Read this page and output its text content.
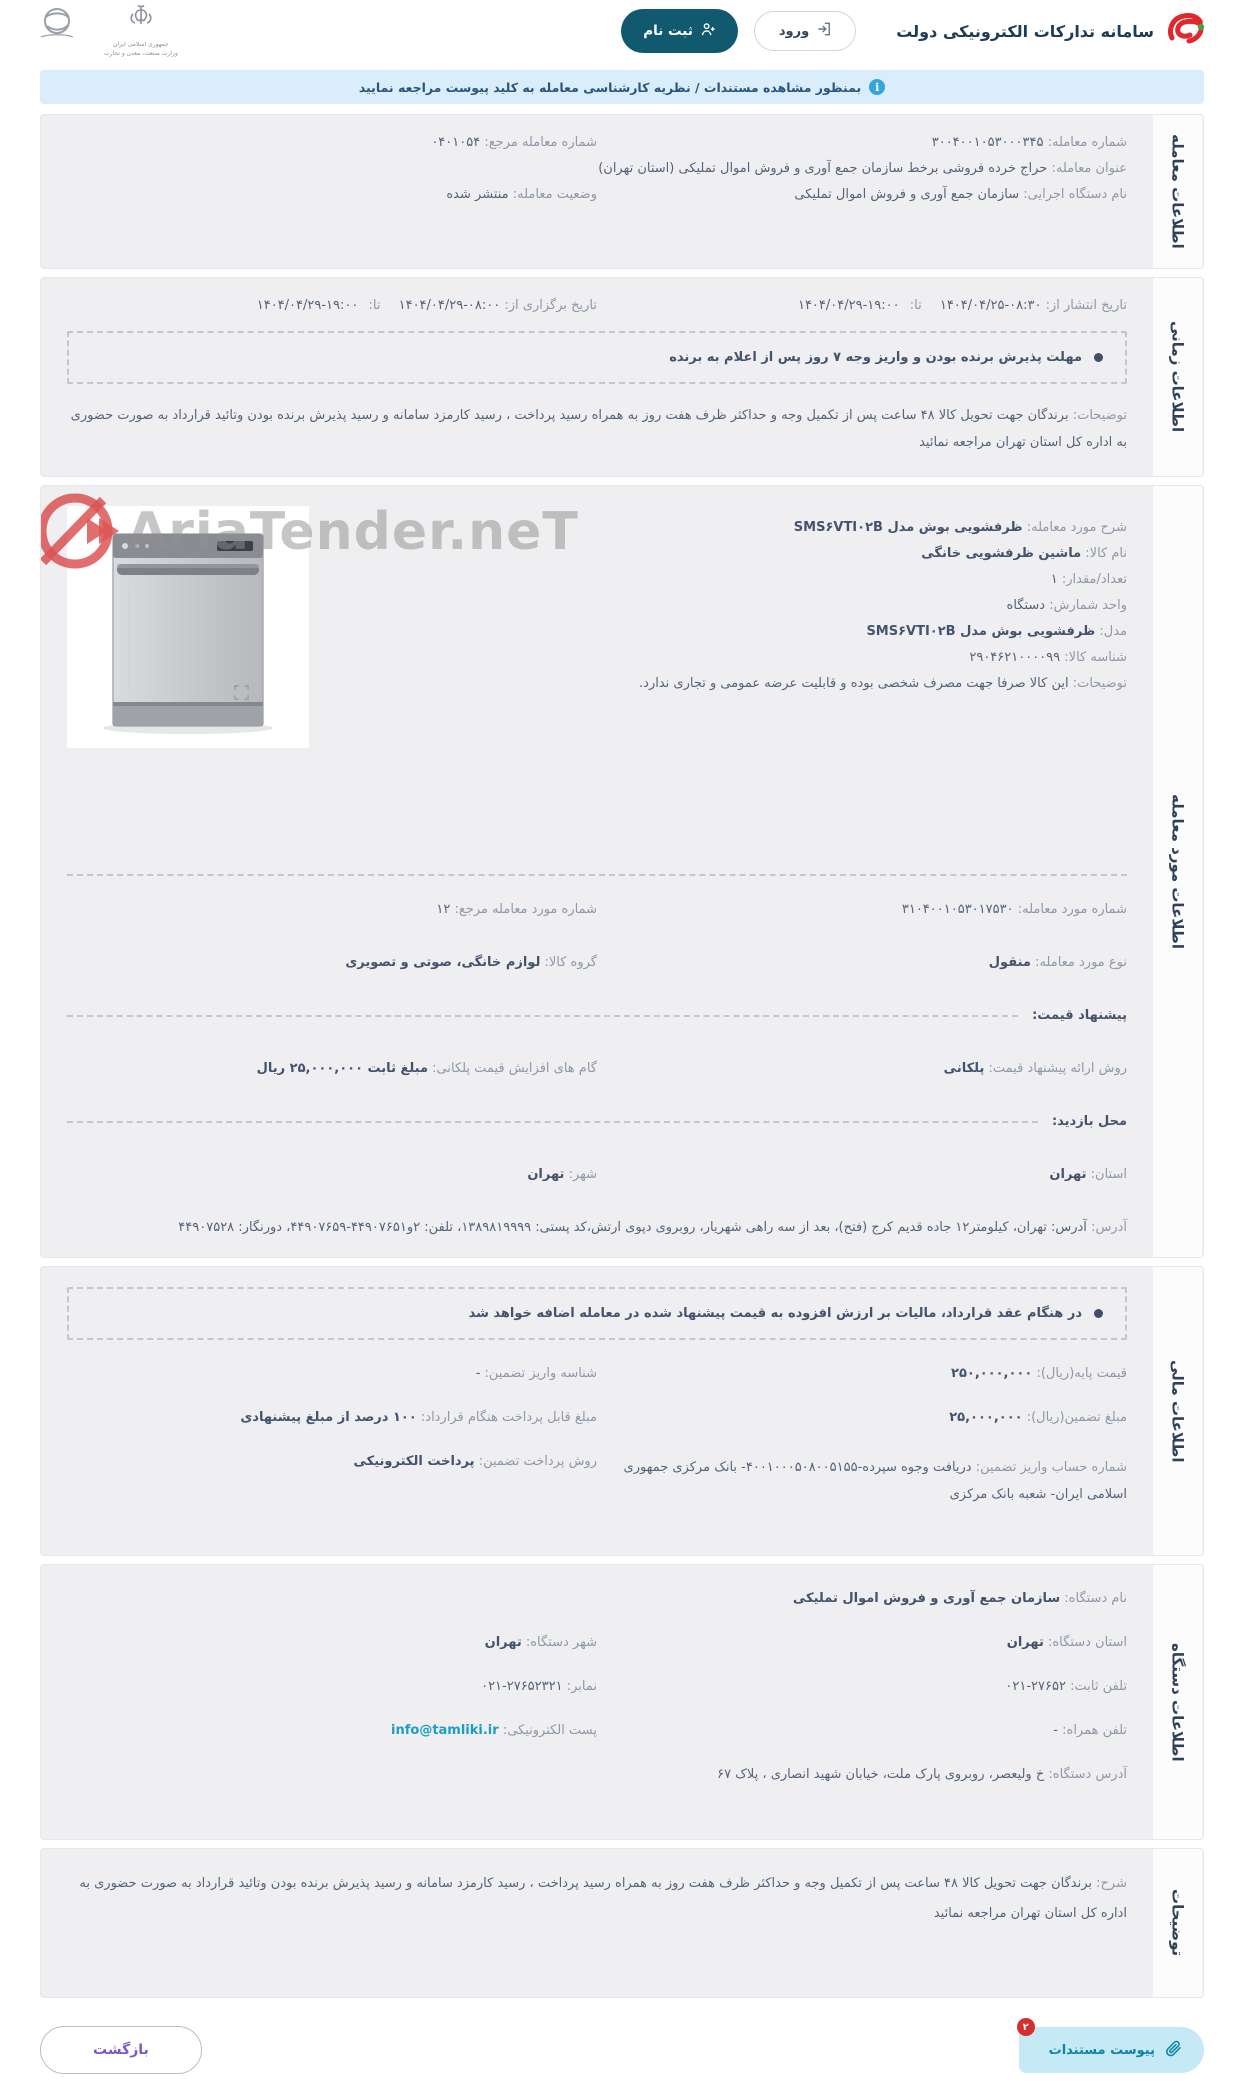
سامانه تدارکات الکترونیکی دولت
ورود
ثبت نام
جمهوری اسلامی ایران
وزارت صنعت، معدن و تجارت
i
بمنظور مشاهده مستندات / نظریه کارشناسی معامله به کلید پیوست مراجعه نمایید
اطلاعات معامله
شماره معامله: ۳۰۰۴۰۰۱۰۵۳۰۰۰۳۴۵
شماره معامله مرجع: ۰۴۰۱۰۵۴
عنوان معامله: حراج خرده فروشی برخط سازمان جمع آوری و فروش اموال تملیکی (استان تهران)
نام دستگاه اجرایی: سازمان جمع آوری و فروش اموال تملیکی
وضعیت معامله: منتشر شده
اطلاعات زمانی
تاریخ انتشار از: ۱۴۰۴/۰۴/۲۵-۰۸:۳۰ تا: ۱۴۰۴/۰۴/۲۹-۱۹:۰۰
تاریخ برگزاری از: ۱۴۰۴/۰۴/۲۹-۰۸:۰۰ تا: ۱۴۰۴/۰۴/۲۹-۱۹:۰۰
مهلت پذیرش برنده بودن و واریز وجه ۷ روز پس از اعلام به برنده

توضیحات: برندگان جهت تحویل کالا ۴۸ ساعت پس از تکمیل وجه و حداکثر ظرف هفت روز به همراه رسید پرداخت ، رسید کارمزد سامانه و رسید پذیرش برنده بودن وتائید قرارداد به صورت حضوری به اداره کل استان تهران مراجعه نمائید

اطلاعات مورد معامله
AriaTender.neT	شرح مورد معامله: ظرفشویی بوش مدل SMS۶VTI۰۲B
نام کالا: ماشین ظرفشویی خانگی
تعداد/مقدار: ۱
واحد شمارش: دستگاه
مدل: ظرفشویی بوش مدل SMS۶VTI۰۲B
شناسه کالا: ۲۹۰۴۶۲۱۰۰۰۰۹۹
توضیحات: این کالا صرفا جهت مصرف شخصی بوده و قابلیت عرضه عمومی و تجاری ندارد.
شماره مورد معامله: ۳۱۰۴۰۰۱۰۵۳۰۱۷۵۳۰
شماره مورد معامله مرجع: ۱۲
نوع مورد معامله: منقول
گروه کالا: لوازم خانگی، صوتی و تصویری
پیشنهاد قیمت:
روش ارائه پیشنهاد قیمت: پلکانی
گام های افزایش قیمت پلکانی: مبلغ ثابت ۲۵,۰۰۰,۰۰۰ ریال
محل بازدید:
استان: تهران
شهر: تهران
آدرس: آدرس: تهران، کیلومتر۱۲ جاده قدیم کرج (فتح)، بعد از سه راهی شهریار، روبروی دپوی ارتش،کد پستی: ۱۳۸۹۸۱۹۹۹۹، تلفن: ۲و۴۴۹۰۷۶۵۱-۴۴۹۰۷۶۵۹، دورنگار: ۴۴۹۰۷۵۲۸
اطلاعات مالی
در هنگام عقد قرارداد، مالیات بر ارزش افزوده به قیمت پیشنهاد شده در معامله اضافه خواهد شد
قیمت پایه(ریال): ۲۵۰,۰۰۰,۰۰۰
شناسه واریز تضمین: -
مبلغ تضمین(ریال): ۲۵,۰۰۰,۰۰۰
مبلغ قابل پرداخت هنگام قرارداد: ۱۰۰ درصد از مبلغ پیشنهادی
شماره حساب واریز تضمین: دریافت وجوه سپرده-۴۰۰۱۰۰۰۵۰۸۰۰۵۱۵۵- بانک مرکزی جمهوری اسلامی ایران- شعبه بانک مرکزی
روش پرداخت تضمین: پرداخت الکترونیکی
اطلاعات دستگاه
نام دستگاه: سازمان جمع آوری و فروش اموال تملیکی
استان دستگاه: تهران
شهر دستگاه: تهران
تلفن ثابت: ۰۲۱-۲۷۶۵۲
نمابر: ۰۲۱-۲۷۶۵۲۳۲۱
تلفن همراه: -
پست الکترونیکی: info@tamliki.ir
آدرس دستگاه: خ ولیعصر، روبروی پارک ملت، خیابان شهید انصاری ، پلاک ۶۷
توضیحات

شرح: برندگان جهت تحویل کالا ۴۸ ساعت پس از تکمیل وجه و حداکثر ظرف هفت روز به همراه رسید پرداخت ، رسید کارمزد سامانه و رسید پذیرش برنده بودن وتائید قرارداد به صورت حضوری به اداره کل استان تهران مراجعه نمائید

۲
پیوست مستندات
بازگشت
